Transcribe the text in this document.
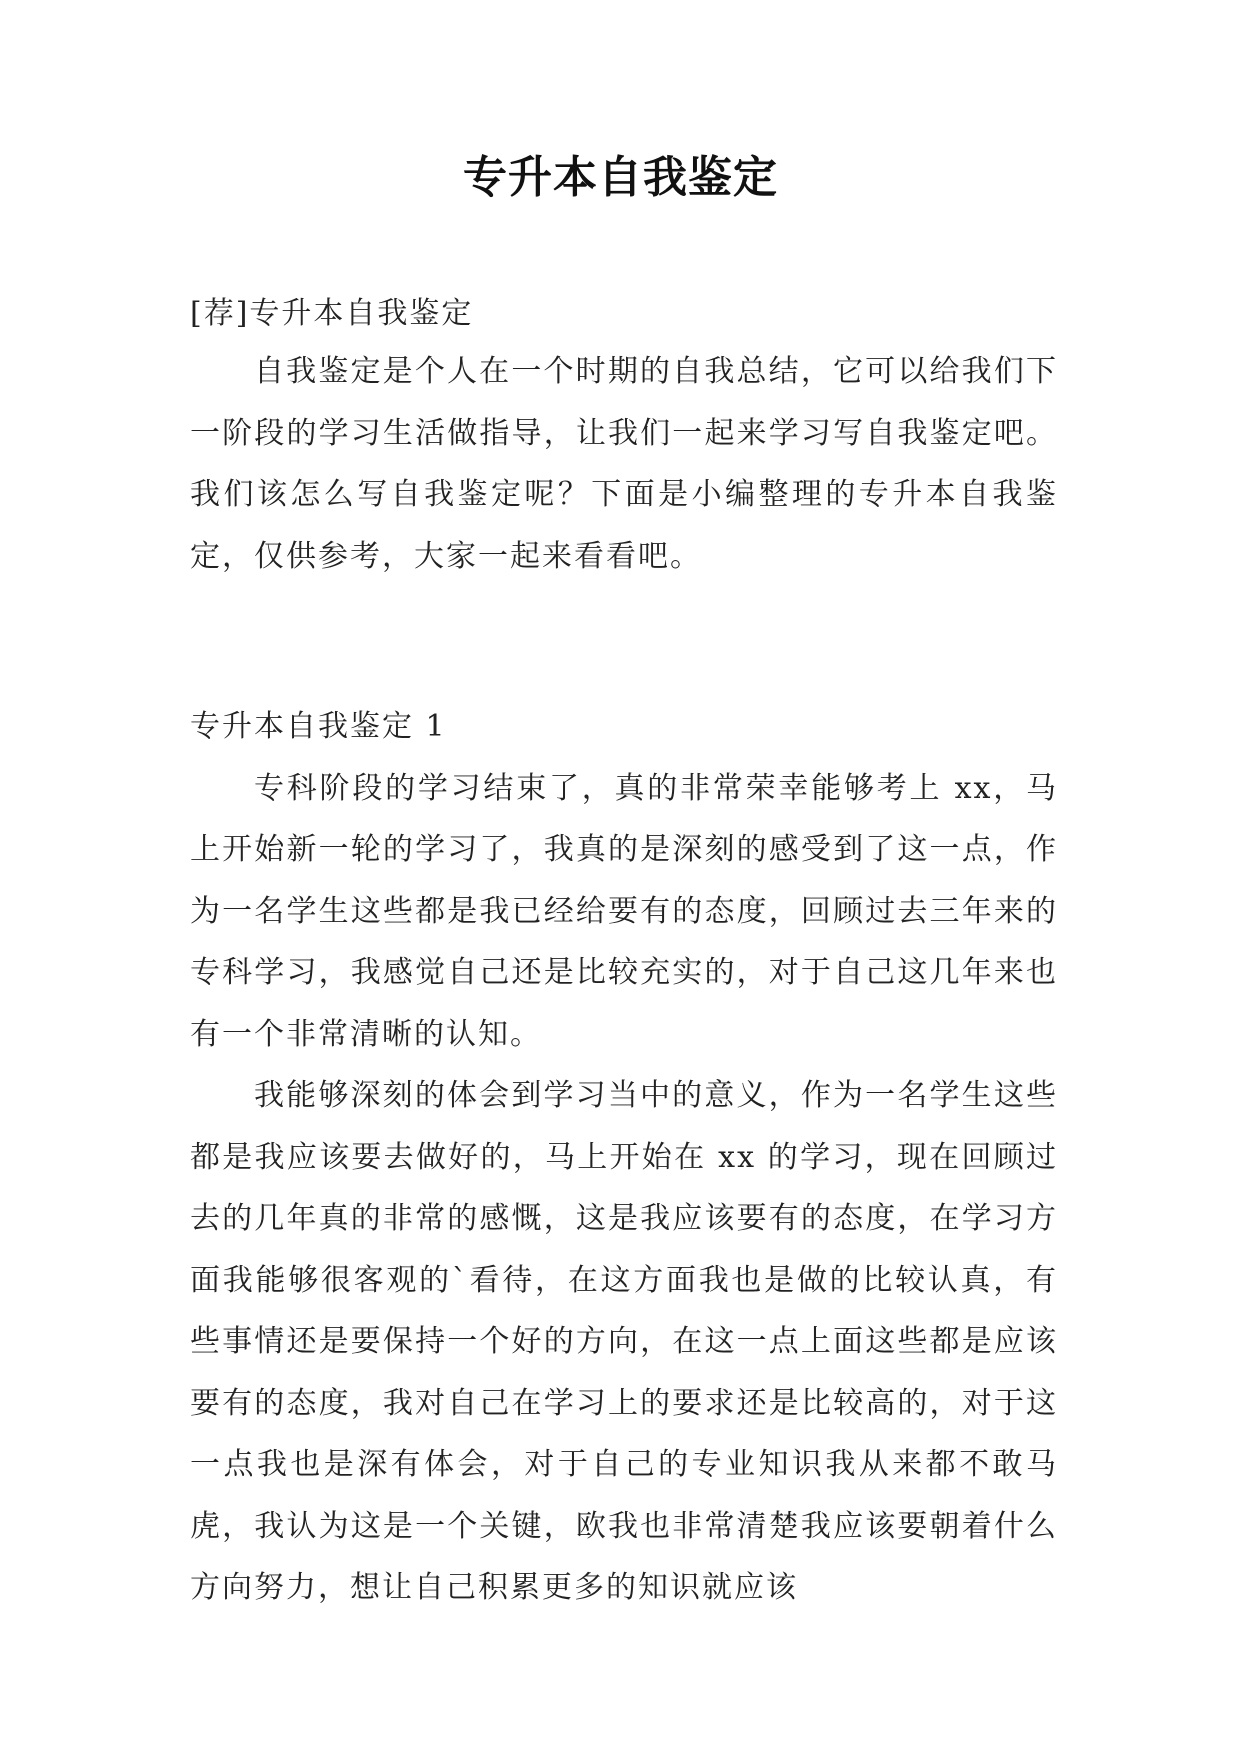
专升本自我鉴定

[荐]专升本自我鉴定

自我鉴定是个人在一个时期的自我总结，它可以给我们下一阶段的学习生活做指导，让我们一起来学习写自我鉴定吧。我们该怎么写自我鉴定呢？下面是小编整理的专升本自我鉴定，仅供参考，大家一起来看看吧。

专升本自我鉴定 1

专科阶段的学习结束了，真的非常荣幸能够考上 xx，马上开始新一轮的学习了，我真的是深刻的感受到了这一点，作为一名学生这些都是我已经给要有的态度，回顾过去三年来的专科学习，我感觉自己还是比较充实的，对于自己这几年来也有一个非常清晰的认知。

我能够深刻的体会到学习当中的意义，作为一名学生这些都是我应该要去做好的，马上开始在 xx 的学习，现在回顾过去的几年真的非常的感慨，这是我应该要有的态度，在学习方面我能够很客观的`看待，在这方面我也是做的比较认真，有些事情还是要保持一个好的方向，在这一点上面这些都是应该要有的态度，我对自己在学习上的要求还是比较高的，对于这一点我也是深有体会，对于自己的专业知识我从来都不敢马虎，我认为这是一个关键，欧我也非常清楚我应该要朝着什么方向努力，想让自己积累更多的知识就应该
